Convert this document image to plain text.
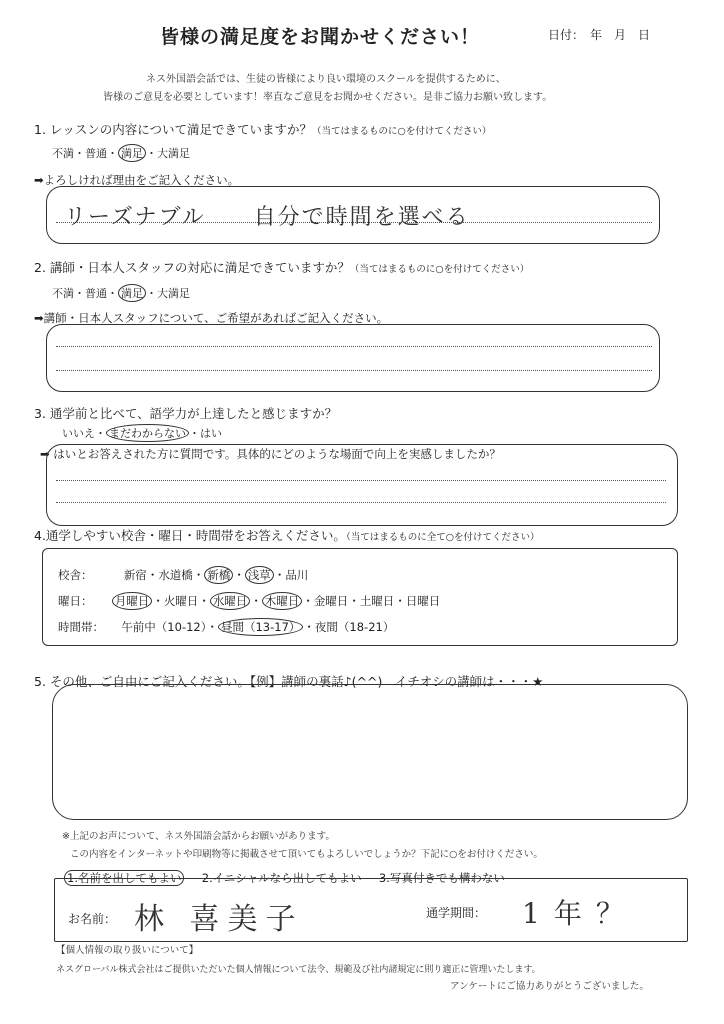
皆様の満足度をお聞かせください！	日付：　年　月　日
ネス外国語会話では、生徒の皆様により良い環境のスクールを提供するために、
皆様のご意見を必要としています！率直なご意見をお聞かせください。是非ご協力お願い致します。
1. レッスンの内容について満足できていますか？（当てはまるものに○を付けてください）
不満・普通・ 満足 ・大満足
➡よろしければ理由をご記入ください。
リーズナブル　　自分で時間を選べる
2. 講師・日本人スタッフの対応に満足できていますか？（当てはまるものに○を付けてください）
不満・普通・ 満足 ・大満足
➡講師・日本人スタッフについて、ご希望があればご記入ください。
3. 通学前と比べて、語学力が上達したと感じますか？
いいえ・ まだわからない ・はい
➡ はいとお答えされた方に質問です。具体的にどのような場面で向上を実感しましたか？
4.通学しやすい校舎・曜日・時間帯をお答えください。（当てはまるものに全て○を付けてください）
校舎：	新宿・水道橋・ 新橋 ・ 浅草 ・品川
曜日： 月曜日 ・火曜日・ 水曜日 ・ 木曜日 ・金曜日・土曜日・日曜日
時間帯： 午前中（10-12）・ 昼間（13-17） ・夜間（18-21）
5. その他、ご自由にご記入ください。【例】講師の裏話♪(^^)　イチオシの講師は・・・★
※上記のお声について、ネス外国語会話からお願いがあります。
この内容をインターネットや印刷物等に掲載させて頂いてもよろしいでしょうか？下記に○をお付けください。
1.名前を出してもよい 2.イニシャルなら出してもよい 3.写真付きでも構わない
お名前： 林 喜美子	通学期間： 1年？
【個人情報の取り扱いについて】
ネスグローバル株式会社はご提供いただいた個人情報について法令、規範及び社内諸規定に則り適正に管理いたします。
アンケートにご協力ありがとうございました。
